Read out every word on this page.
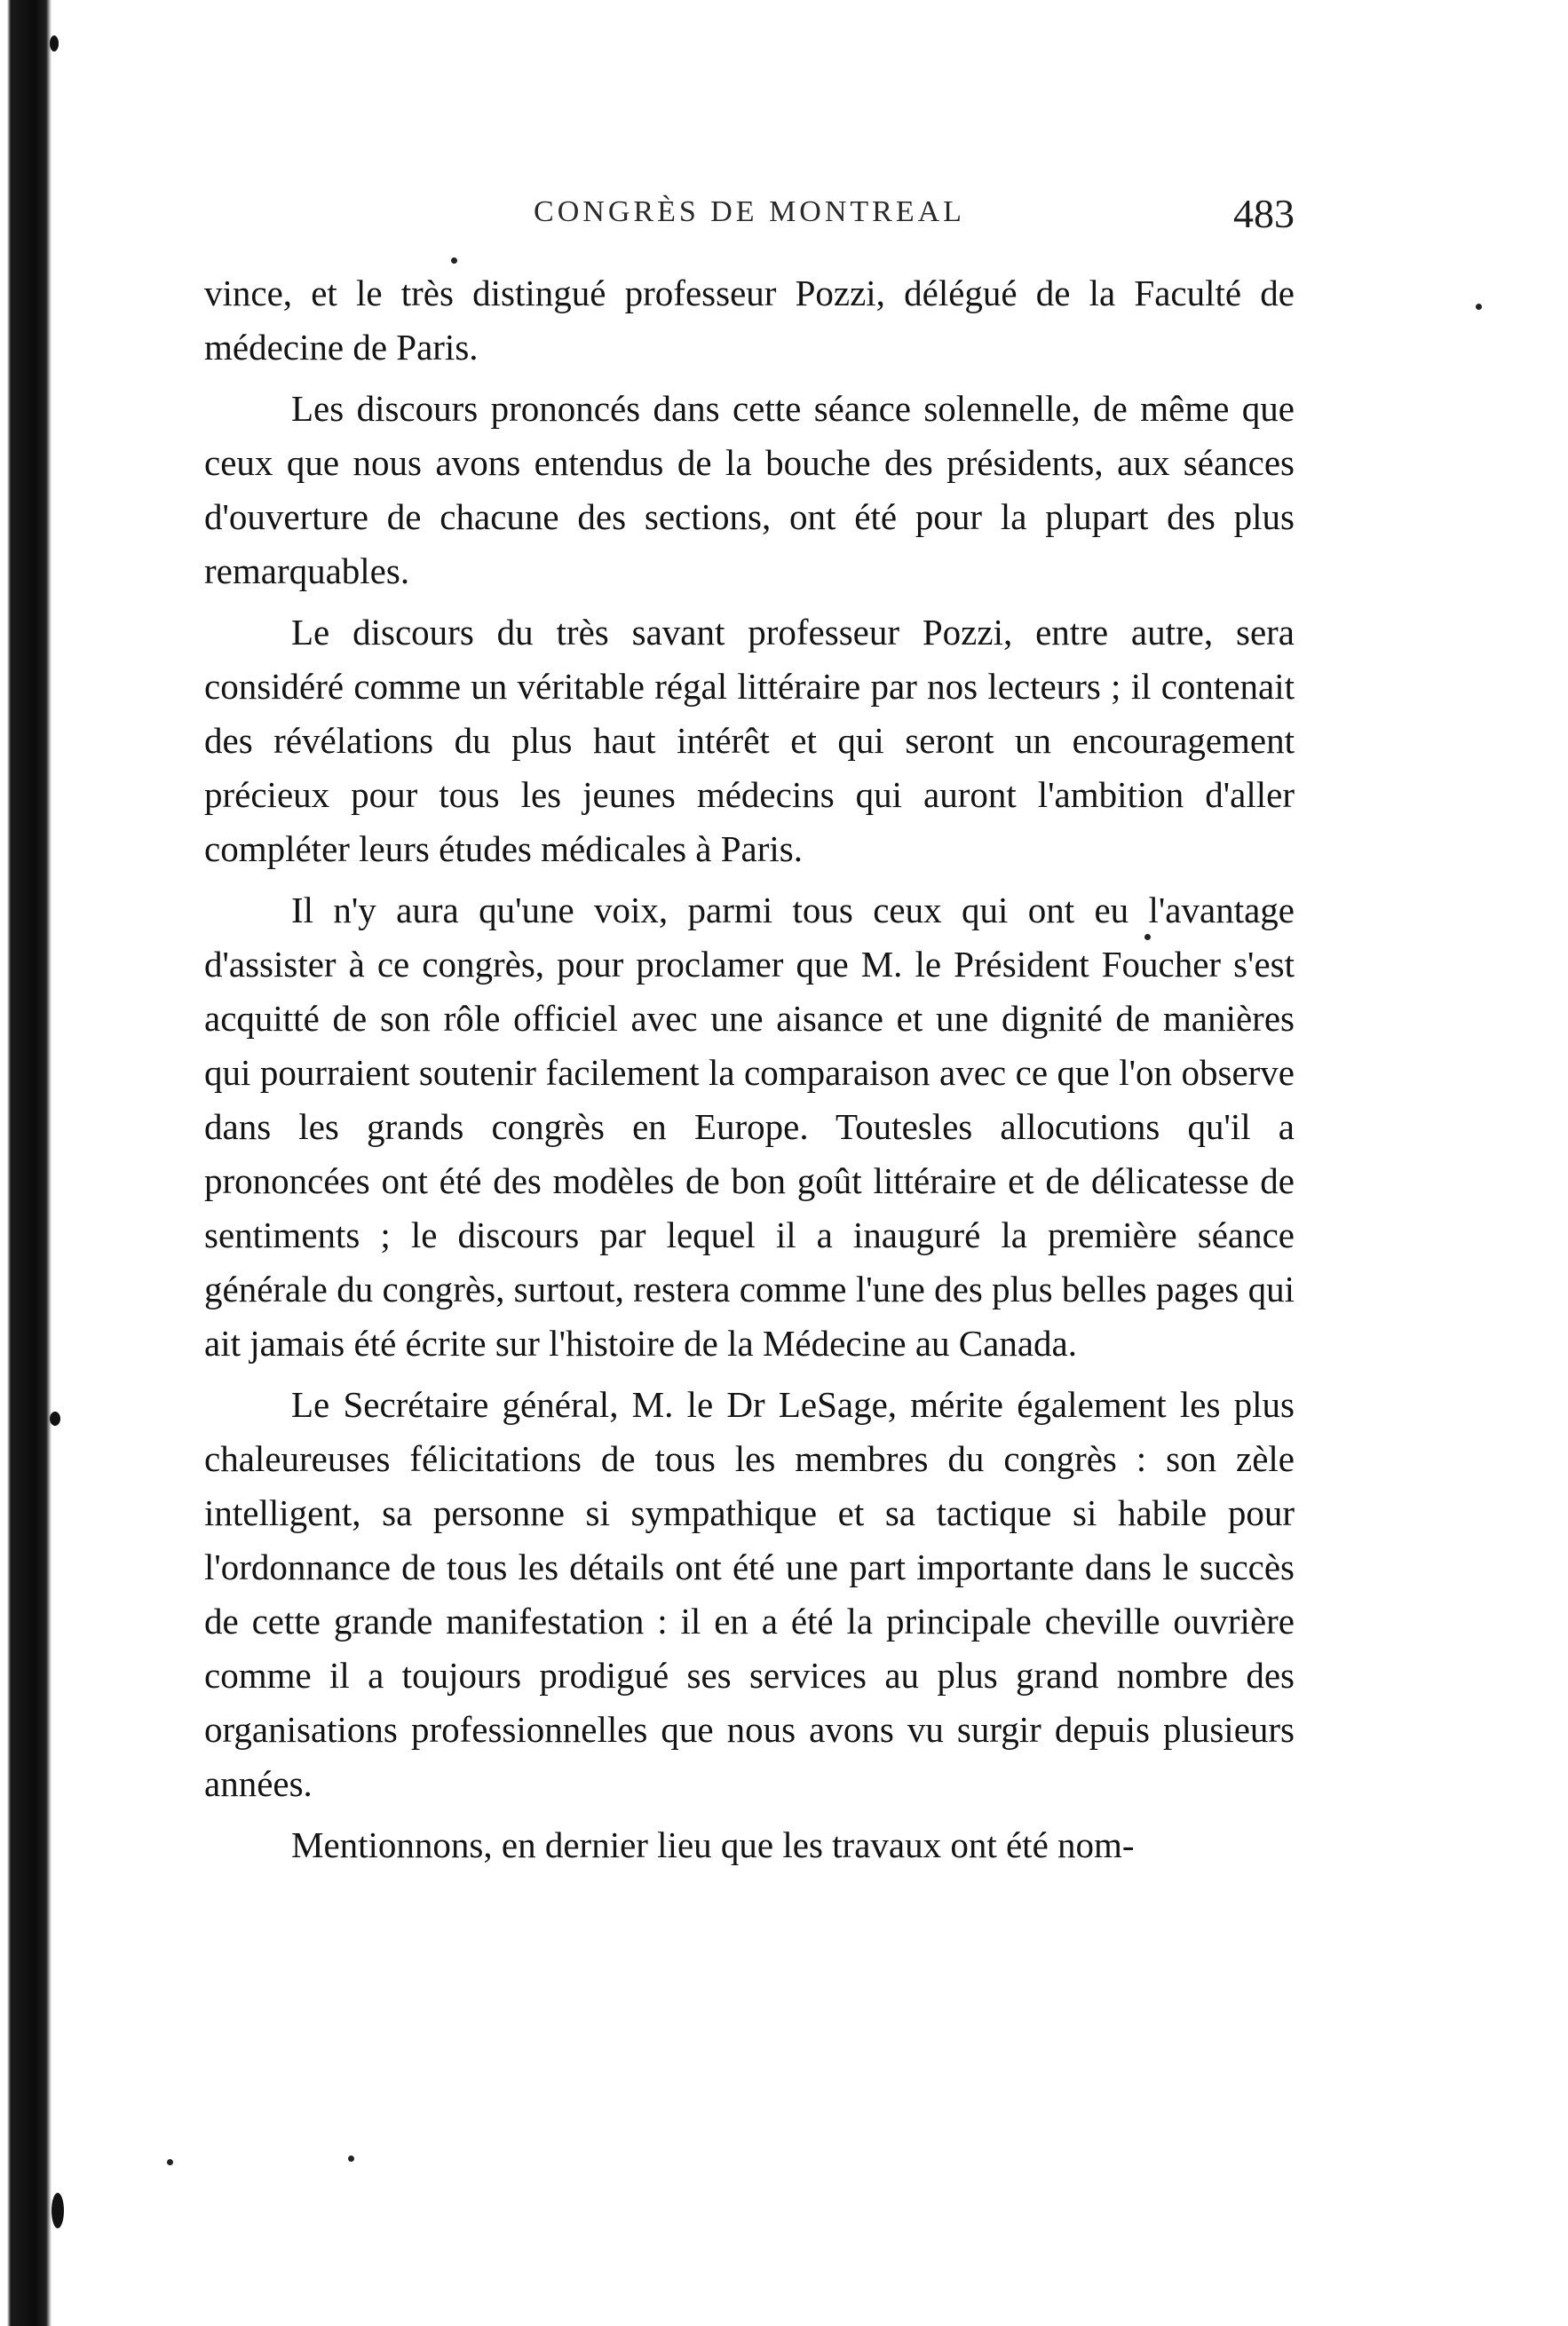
CONGRÈS DE MONTREAL	483

vince, et le très distingué professeur Pozzi, délégué de la Faculté de médecine de Paris.

Les discours prononcés dans cette séance solennelle, de même que ceux que nous avons entendus de la bouche des présidents, aux séances d'ouverture de chacune des sections, ont été pour la plupart des plus remarquables.

Le discours du très savant professeur Pozzi, entre autre, sera considéré comme un véritable régal littéraire par nos lecteurs ; il contenait des révélations du plus haut intérêt et qui seront un encouragement précieux pour tous les jeunes médecins qui auront l'ambition d'aller compléter leurs études médicales à Paris.

Il n'y aura qu'une voix, parmi tous ceux qui ont eu l'avantage d'assister à ce congrès, pour proclamer que M. le Président Foucher s'est acquitté de son rôle officiel avec une aisance et une dignité de manières qui pourraient soutenir facilement la comparaison avec ce que l'on observe dans les grands congrès en Europe. Toutesles allocutions qu'il a prononcées ont été des modèles de bon goût littéraire et de délicatesse de sentiments ; le discours par lequel il a inauguré la première séance générale du congrès, surtout, restera comme l'une des plus belles pages qui ait jamais été écrite sur l'histoire de la Médecine au Canada.

Le Secrétaire général, M. le Dr LeSage, mérite également les plus chaleureuses félicitations de tous les membres du congrès : son zèle intelligent, sa personne si sympathique et sa tactique si habile pour l'ordonnance de tous les détails ont été une part importante dans le succès de cette grande manifestation : il en a été la principale cheville ouvrière comme il a toujours prodigué ses services au plus grand nombre des organisations professionnelles que nous avons vu surgir depuis plusieurs années.

Mentionnons, en dernier lieu que les travaux ont été nom-
